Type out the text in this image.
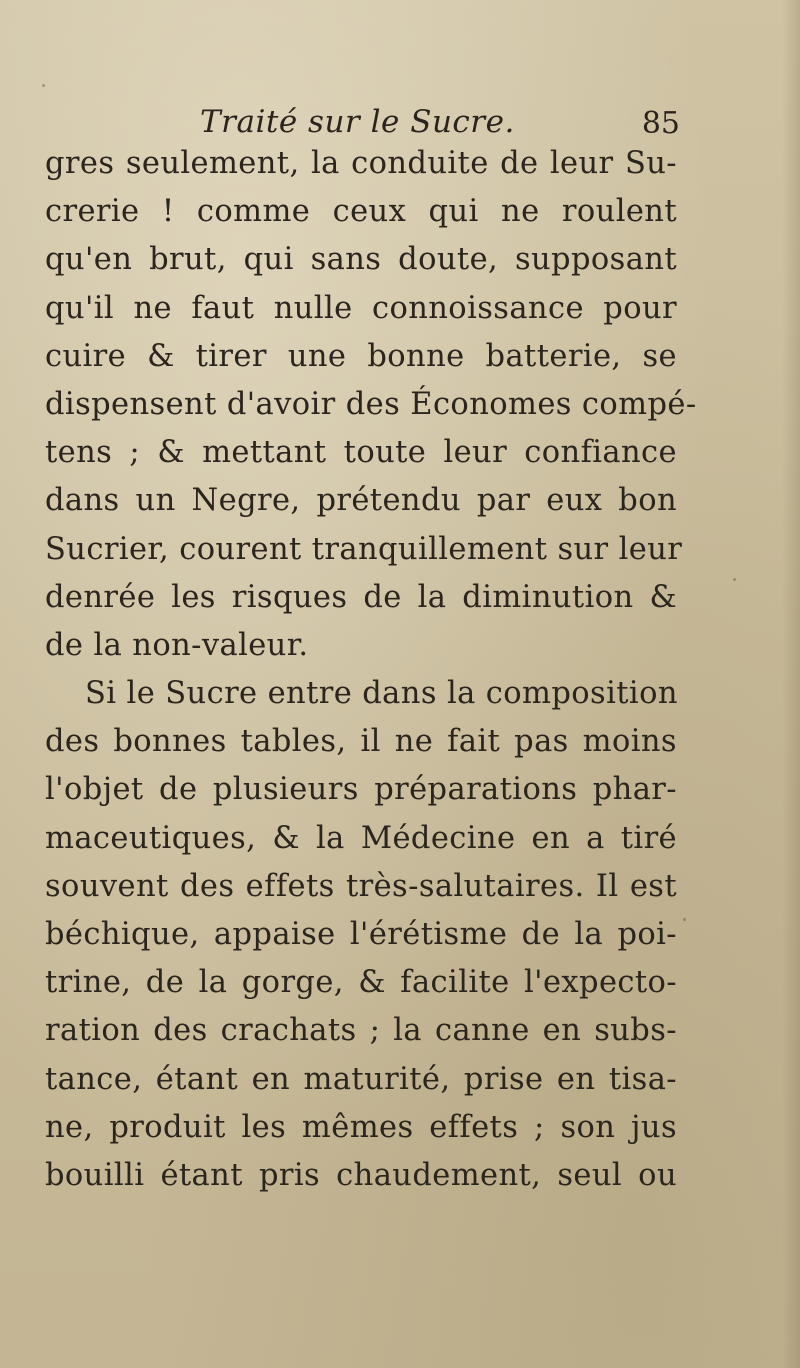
Traité sur le Sucre.	85
gres seulement, la conduite de leur Su-
crerie ! comme ceux qui ne roulent
qu'en brut, qui sans doute, supposant
qu'il ne faut nulle connoissance pour
cuire & tirer une bonne batterie, se
dispensent d'avoir des Économes compé-
tens ; & mettant toute leur confiance
dans un Negre, prétendu par eux bon
Sucrier, courent tranquillement sur leur
denrée les risques de la diminution &
de la non-valeur.
Si le Sucre entre dans la composition
des bonnes tables, il ne fait pas moins
l'objet de plusieurs préparations phar-
maceutiques, & la Médecine en a tiré
souvent des effets très-salutaires. Il est
béchique, appaise l'érétisme de la poi-
trine, de la gorge, & facilite l'expecto-
ration des crachats ; la canne en subs-
tance, étant en maturité, prise en tisa-
ne, produit les mêmes effets ; son jus
bouilli étant pris chaudement, seul ou
